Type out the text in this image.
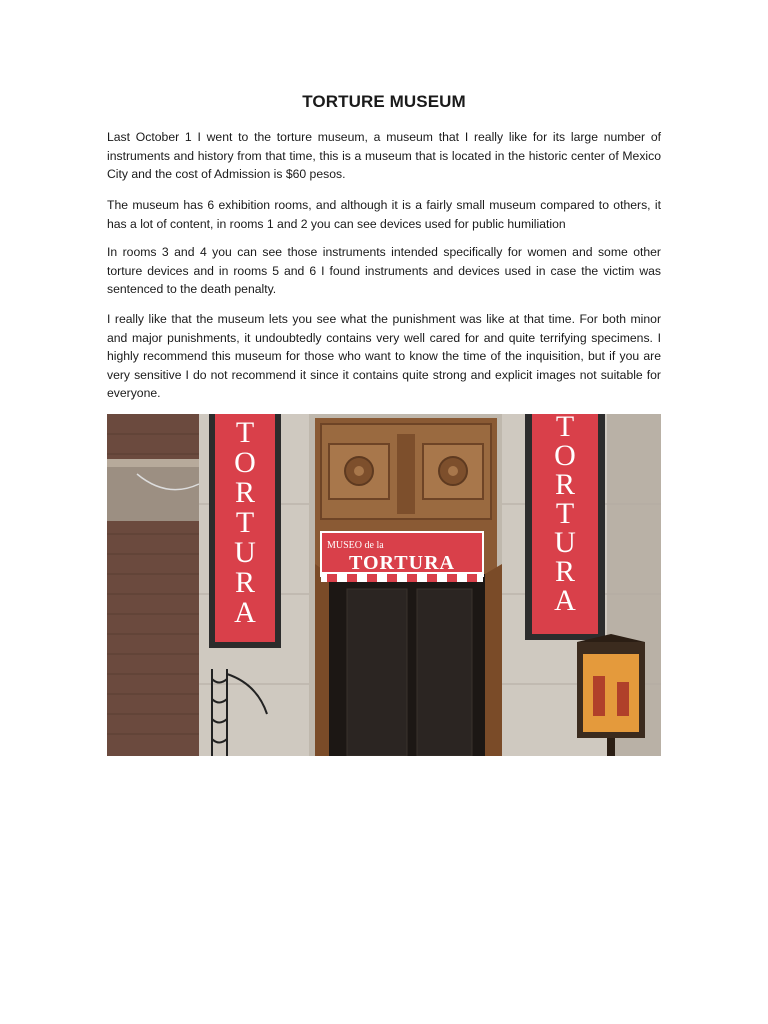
TORTURE MUSEUM

Last October 1 I went to the torture museum, a museum that I really like for its large number of instruments and history from that time, this is a museum that is located in the historic center of Mexico City and the cost of Admission is $60 pesos.

The museum has 6 exhibition rooms, and although it is a fairly small museum compared to others, it has a lot of content, in rooms 1 and 2 you can see devices used for public humiliation

In rooms 3 and 4 you can see those instruments intended specifically for women and some other torture devices and in rooms 5 and 6 I found instruments and devices used in case the victim was sentenced to the death penalty.

I really like that the museum lets you see what the punishment was like at that time. For both minor and major punishments, it undoubtedly contains very well cared for and quite terrifying specimens. I highly recommend this museum for those who want to know the time of the inquisition, but if you are very sensitive I do not recommend it since it contains quite strong and explicit images not suitable for everyone.

MUSEO de la
TORTURA
T
O
R
T
U
R
A
T
O
R
T
U
R
A
